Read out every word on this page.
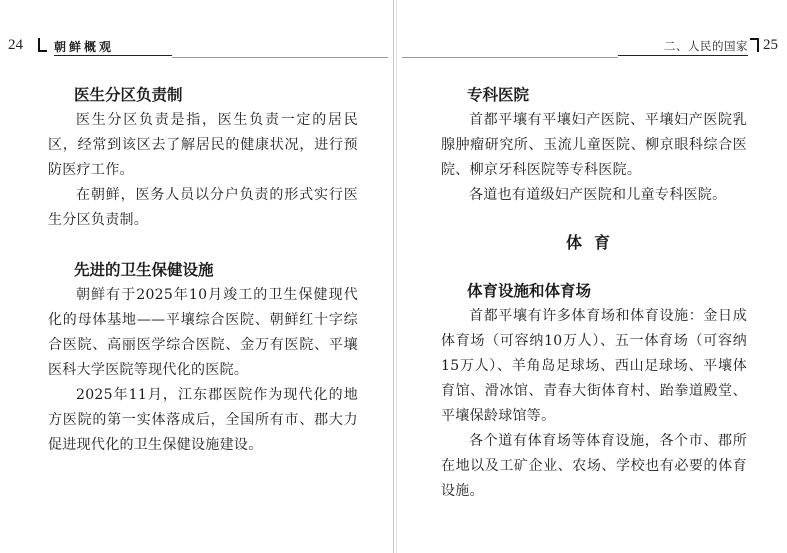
24	朝鲜概观	二、人民的国家 25
医生分区负责制

医生分区负责是指，医生负责一定的居民区，经常到该区去了解居民的健康状况，进行预防医疗工作。

在朝鲜，医务人员以分户负责的形式实行医生分区负责制。

先进的卫生保健设施

朝鲜有于2025年10月竣工的卫生保健现代化的母体基地——平壤综合医院、朝鲜红十字综合医院、高丽医学综合医院、金万有医院、平壤医科大学医院等现代化的医院。

2025年11月，江东郡医院作为现代化的地方医院的第一实体落成后，全国所有市、郡大力促进现代化的卫生保健设施建设。

专科医院

首都平壤有平壤妇产医院、平壤妇产医院乳腺肿瘤研究所、玉流儿童医院、柳京眼科综合医院、柳京牙科医院等专科医院。

各道也有道级妇产医院和儿童专科医院。

体育
体育设施和体育场

首都平壤有许多体育场和体育设施：金日成体育场（可容纳10万人）、五一体育场（可容纳15万人）、羊角岛足球场、西山足球场、平壤体育馆、滑冰馆、青春大街体育村、跆拳道殿堂、平壤保龄球馆等。

各个道有体育场等体育设施，各个市、郡所在地以及工矿企业、农场、学校也有必要的体育设施。
